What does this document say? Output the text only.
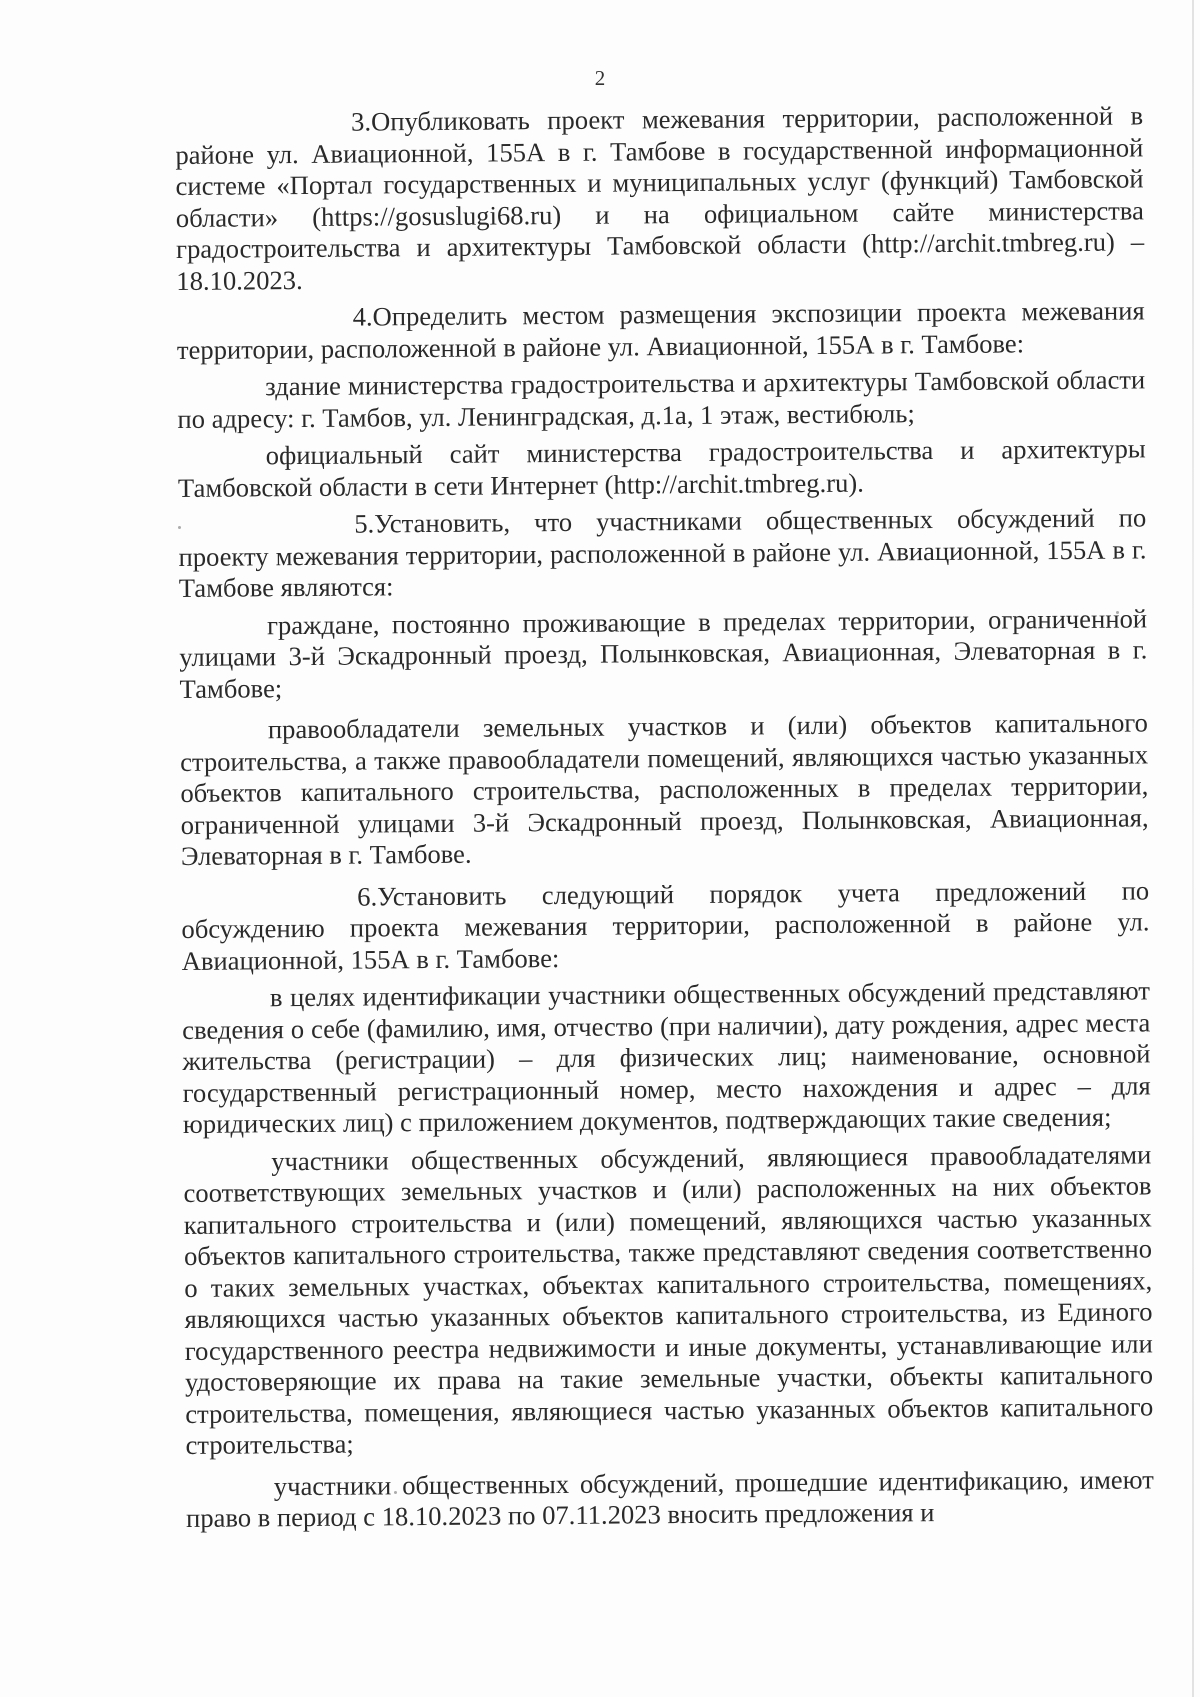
2

3.Опубликовать проект межевания территории, расположенной в районе ул. Авиационной, 155А в г. Тамбове в государственной информационной системе «Портал государственных и муниципальных услуг (функций) Тамбовской области» (https://gosuslugi68.ru) и на официальном сайте министерства градостроительства и архитектуры Тамбовской области (http://archit.tmbreg.ru) – 18.10.2023.

4.Определить местом размещения экспозиции проекта межевания территории, расположенной в районе ул. Авиационной, 155А в г. Тамбове:

здание министерства градостроительства и архитектуры Тамбовской области по адресу: г. Тамбов, ул. Ленинградская, д.1а, 1 этаж, вестибюль;

официальный сайт министерства градостроительства и архитектуры Тамбовской области в сети Интернет (http://archit.tmbreg.ru).

5.Установить, что участниками общественных обсуждений по проекту межевания территории, расположенной в районе ул. Авиационной, 155А в г. Тамбове являются:

граждане, постоянно проживающие в пределах территории, ограниченной улицами 3-й Эскадронный проезд, Полынковская, Авиационная, Элеваторная в г. Тамбове;

правообладатели земельных участков и (или) объектов капитального строительства, а также правообладатели помещений, являющихся частью указанных объектов капитального строительства, расположенных в пределах территории, ограниченной улицами 3-й Эскадронный проезд, Полынковская, Авиационная, Элеваторная в г. Тамбове.

6.Установить следующий порядок учета предложений по обсуждению проекта межевания территории, расположенной в районе ул. Авиационной, 155А в г. Тамбове:

в целях идентификации участники общественных обсуждений представляют сведения о себе (фамилию, имя, отчество (при наличии), дату рождения, адрес места жительства (регистрации) – для физических лиц; наименование, основной государственный регистрационный номер, место нахождения и адрес – для юридических лиц) с приложением документов, подтверждающих такие сведения;

участники общественных обсуждений, являющиеся правообладателями соответствующих земельных участков и (или) расположенных на них объектов капитального строительства и (или) помещений, являющихся частью указанных объектов капитального строительства, также представляют сведения соответственно о таких земельных участках, объектах капитального строительства, помещениях, являющихся частью указанных объектов капитального строительства, из Единого государственного реестра недвижимости и иные документы, устанавливающие или удостоверяющие их права на такие земельные участки, объекты капитального строительства, помещения, являющиеся частью указанных объектов капитального строительства;

участники общественных обсуждений, прошедшие идентификацию, имеют право в период с 18.10.2023 по 07.11.2023 вносить предложения и
